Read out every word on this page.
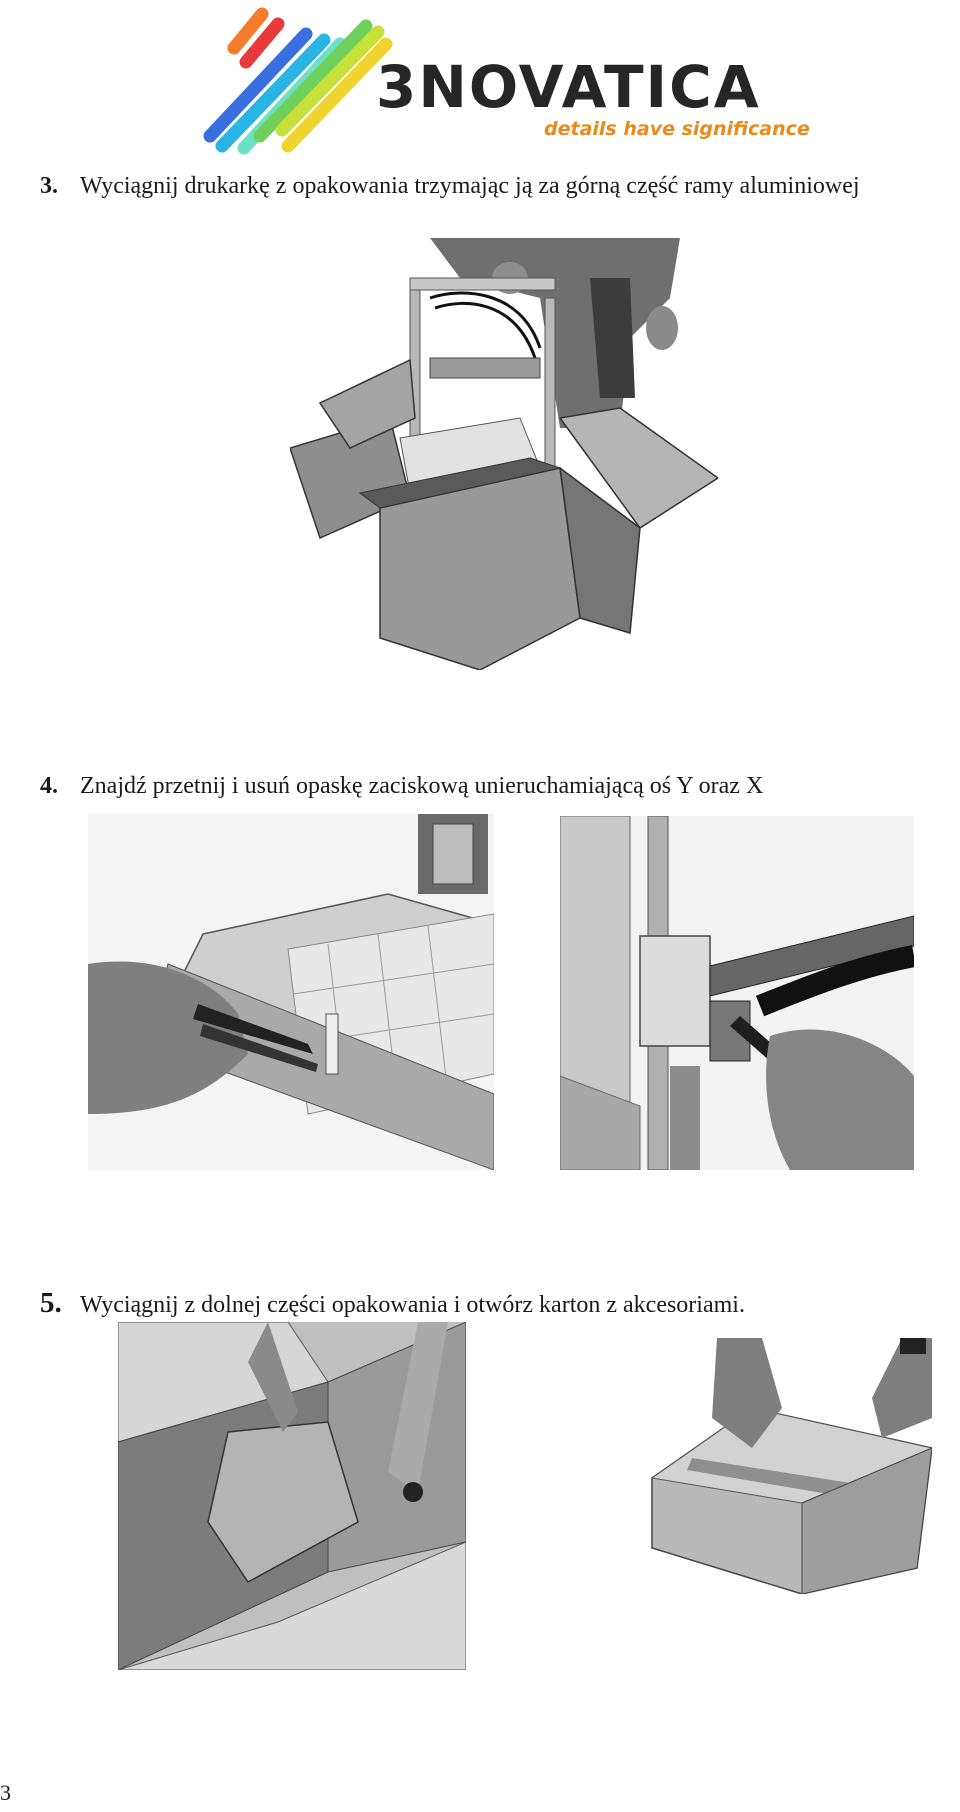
3NOVATICA
details have significance
3. Wyciągnij drukarkę z opakowania trzymając ją za górną część ramy aluminiowej
4. Znajdź przetnij i usuń opaskę zaciskową unieruchamiającą oś Y oraz X
5. Wyciągnij z dolnej części opakowania i otwórz karton z akcesoriami.
3
